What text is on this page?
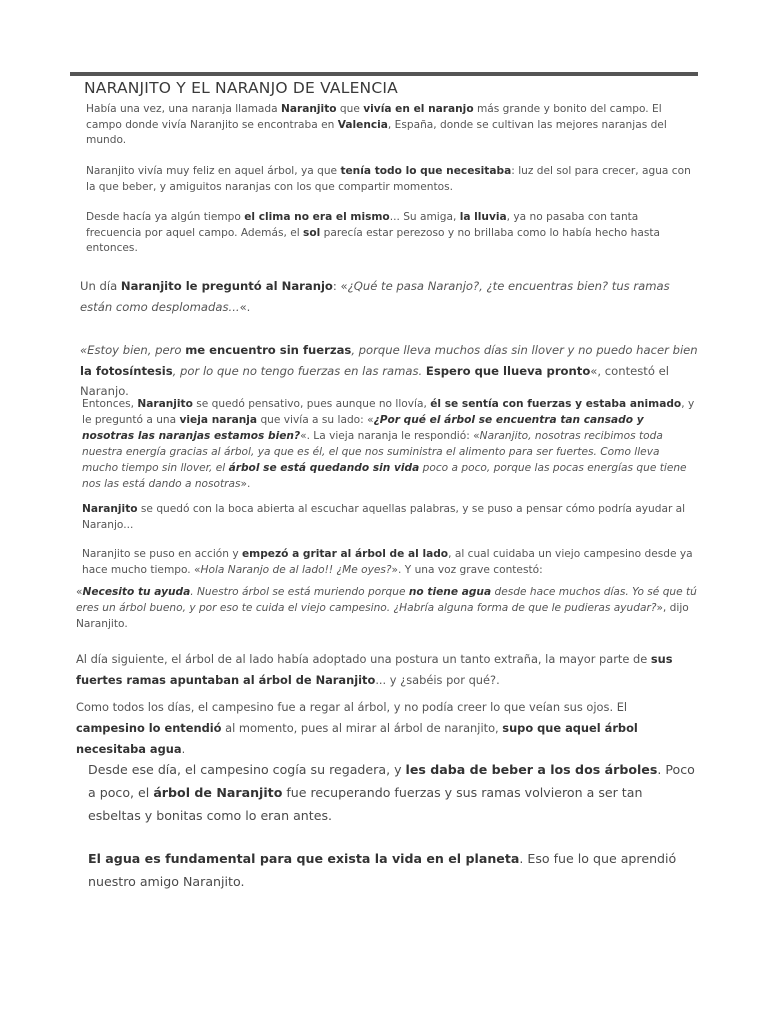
NARANJITO Y EL NARANJO DE VALENCIA

Había una vez, una naranja llamada Naranjito que vivía en el naranjo más grande y bonito del campo. El campo donde vivía Naranjito se encontraba en Valencia, España, donde se cultivan las mejores naranjas del mundo.

Naranjito vivía muy feliz en aquel árbol, ya que tenía todo lo que necesitaba: luz del sol para crecer, agua con la que beber, y amiguitos naranjas con los que compartir momentos.

Desde hacía ya algún tiempo el clima no era el mismo... Su amiga, la lluvia, ya no pasaba con tanta frecuencia por aquel campo. Además, el sol parecía estar perezoso y no brillaba como lo había hecho hasta entonces.

Un día Naranjito le preguntó al Naranjo: «¿Qué te pasa Naranjo?, ¿te encuentras bien? tus ramas están como desplomadas...«.

«Estoy bien, pero me encuentro sin fuerzas, porque lleva muchos días sin llover y no puedo hacer bien la fotosíntesis, por lo que no tengo fuerzas en las ramas. Espero que llueva pronto«, contestó el Naranjo.

Entonces, Naranjito se quedó pensativo, pues aunque no llovía, él se sentía con fuerzas y estaba animado, y le preguntó a una vieja naranja que vivía a su lado: «¿Por qué el árbol se encuentra tan cansado y nosotras las naranjas estamos bien?«. La vieja naranja le respondió: «Naranjito, nosotras recibimos toda nuestra energía gracias al árbol, ya que es él, el que nos suministra el alimento para ser fuertes. Como lleva mucho tiempo sin llover, el árbol se está quedando sin vida poco a poco, porque las pocas energías que tiene nos las está dando a nosotras».

Naranjito se quedó con la boca abierta al escuchar aquellas palabras, y se puso a pensar cómo podría ayudar al Naranjo...

Naranjito se puso en acción y empezó a gritar al árbol de al lado, al cual cuidaba un viejo campesino desde ya hace mucho tiempo. «Hola Naranjo de al lado!! ¿Me oyes?». Y una voz grave contestó:

«Necesito tu ayuda. Nuestro árbol se está muriendo porque no tiene agua desde hace muchos días. Yo sé que tú eres un árbol bueno, y por eso te cuida el viejo campesino. ¿Habría alguna forma de que le pudieras ayudar?», dijo Naranjito.

Al día siguiente, el árbol de al lado había adoptado una postura un tanto extraña, la mayor parte de sus fuertes ramas apuntaban al árbol de Naranjito... y ¿sabéis por qué?.

Como todos los días, el campesino fue a regar al árbol, y no podía creer lo que veían sus ojos. El campesino lo entendió al momento, pues al mirar al árbol de naranjito, supo que aquel árbol necesitaba agua.

Desde ese día, el campesino cogía su regadera, y les daba de beber a los dos árboles. Poco a poco, el árbol de Naranjito fue recuperando fuerzas y sus ramas volvieron a ser tan esbeltas y bonitas como lo eran antes.

El agua es fundamental para que exista la vida en el planeta. Eso fue lo que aprendió nuestro amigo Naranjito.
